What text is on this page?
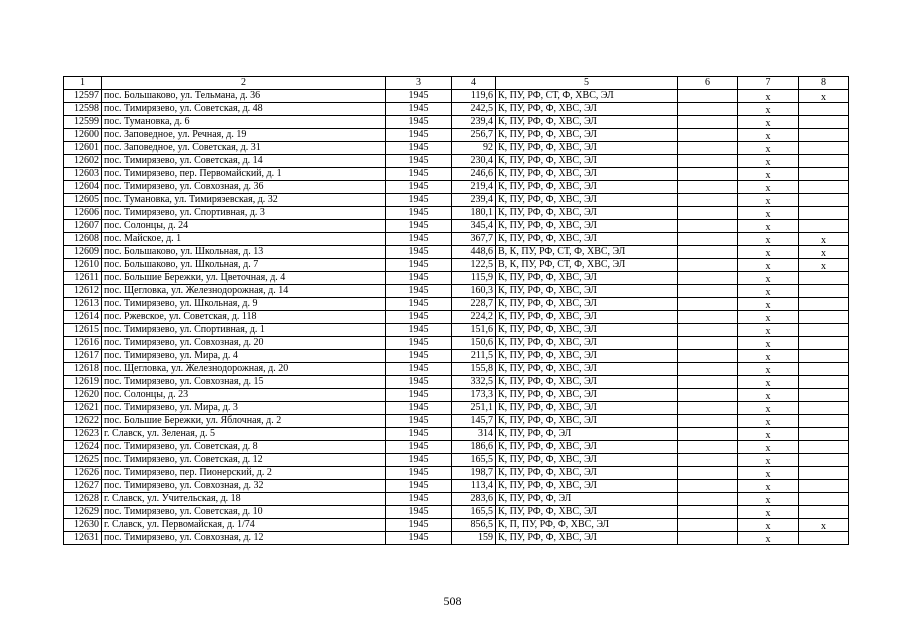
1	2	3	4	5	6	7	8
12597	пос. Большаково, ул. Тельмана, д. 36	1945	119,6	К, ПУ, РФ, СТ, Ф, ХВС, ЭЛ		x	x
12598	пос. Тимирязево, ул. Советская, д. 48	1945	242,5	К, ПУ, РФ, Ф, ХВС, ЭЛ		x	
12599	пос. Тумановка, д. 6	1945	239,4	К, ПУ, РФ, Ф, ХВС, ЭЛ		x	
12600	пос. Заповедное, ул. Речная, д. 19	1945	256,7	К, ПУ, РФ, Ф, ХВС, ЭЛ		x	
12601	пос. Заповедное, ул. Советская, д. 31	1945	92	К, ПУ, РФ, Ф, ХВС, ЭЛ		x	
12602	пос. Тимирязево, ул. Советская, д. 14	1945	230,4	К, ПУ, РФ, Ф, ХВС, ЭЛ		x	
12603	пос. Тимирязево, пер. Первомайский, д. 1	1945	246,6	К, ПУ, РФ, Ф, ХВС, ЭЛ		x	
12604	пос. Тимирязево, ул. Совхозная, д. 36	1945	219,4	К, ПУ, РФ, Ф, ХВС, ЭЛ		x	
12605	пос. Тумановка, ул. Тимирязевская, д. 32	1945	239,4	К, ПУ, РФ, Ф, ХВС, ЭЛ		x	
12606	пос. Тимирязево, ул. Спортивная, д. 3	1945	180,1	К, ПУ, РФ, Ф, ХВС, ЭЛ		x	
12607	пос. Солонцы, д. 24	1945	345,4	К, ПУ, РФ, Ф, ХВС, ЭЛ		x	
12608	пос. Майское, д. 1	1945	367,7	К, ПУ, РФ, Ф, ХВС, ЭЛ		x	x
12609	пос. Большаково, ул. Школьная, д. 13	1945	448,6	В, К, ПУ, РФ, СТ, Ф, ХВС, ЭЛ		x	x
12610	пос. Большаково, ул. Школьная, д. 7	1945	122,5	В, К, ПУ, РФ, СТ, Ф, ХВС, ЭЛ		x	x
12611	пос. Большие Бережки, ул. Цветочная, д. 4	1945	115,9	К, ПУ, РФ, Ф, ХВС, ЭЛ		x	
12612	пос. Щегловка, ул. Железнодорожная, д. 14	1945	160,3	К, ПУ, РФ, Ф, ХВС, ЭЛ		x	
12613	пос. Тимирязево, ул. Школьная, д. 9	1945	228,7	К, ПУ, РФ, Ф, ХВС, ЭЛ		x	
12614	пос. Ржевское, ул. Советская, д. 118	1945	224,2	К, ПУ, РФ, Ф, ХВС, ЭЛ		x	
12615	пос. Тимирязево, ул. Спортивная, д. 1	1945	151,6	К, ПУ, РФ, Ф, ХВС, ЭЛ		x	
12616	пос. Тимирязево, ул. Совхозная, д. 20	1945	150,6	К, ПУ, РФ, Ф, ХВС, ЭЛ		x	
12617	пос. Тимирязево, ул. Мира, д. 4	1945	211,5	К, ПУ, РФ, Ф, ХВС, ЭЛ		x	
12618	пос. Щегловка, ул. Железнодорожная, д. 20	1945	155,8	К, ПУ, РФ, Ф, ХВС, ЭЛ		x	
12619	пос. Тимирязево, ул. Совхозная, д. 15	1945	332,5	К, ПУ, РФ, Ф, ХВС, ЭЛ		x	
12620	пос. Солонцы, д. 23	1945	173,3	К, ПУ, РФ, Ф, ХВС, ЭЛ		x	
12621	пос. Тимирязево, ул. Мира, д. 3	1945	251,1	К, ПУ, РФ, Ф, ХВС, ЭЛ		x	
12622	пос. Большие Бережки, ул. Яблочная, д. 2	1945	145,7	К, ПУ, РФ, Ф, ХВС, ЭЛ		x	
12623	г. Славск, ул. Зеленая, д. 5	1945	314	К, ПУ, РФ, Ф, ЭЛ		x	
12624	пос. Тимирязево, ул. Советская, д. 8	1945	186,6	К, ПУ, РФ, Ф, ХВС, ЭЛ		x	
12625	пос. Тимирязево, ул. Советская, д. 12	1945	165,5	К, ПУ, РФ, Ф, ХВС, ЭЛ		x	
12626	пос. Тимирязево, пер. Пионерский, д. 2	1945	198,7	К, ПУ, РФ, Ф, ХВС, ЭЛ		x	
12627	пос. Тимирязево, ул. Совхозная, д. 32	1945	113,4	К, ПУ, РФ, Ф, ХВС, ЭЛ		x	
12628	г. Славск, ул. Учительская, д. 18	1945	283,6	К, ПУ, РФ, Ф, ЭЛ		x	
12629	пос. Тимирязево, ул. Советская, д. 10	1945	165,5	К, ПУ, РФ, Ф, ХВС, ЭЛ		x	
12630	г. Славск, ул. Первомайская, д. 1/74	1945	856,5	К, П, ПУ, РФ, Ф, ХВС, ЭЛ		x	x
12631	пос. Тимирязево, ул. Совхозная, д. 12	1945	159	К, ПУ, РФ, Ф, ХВС, ЭЛ		x	
508
